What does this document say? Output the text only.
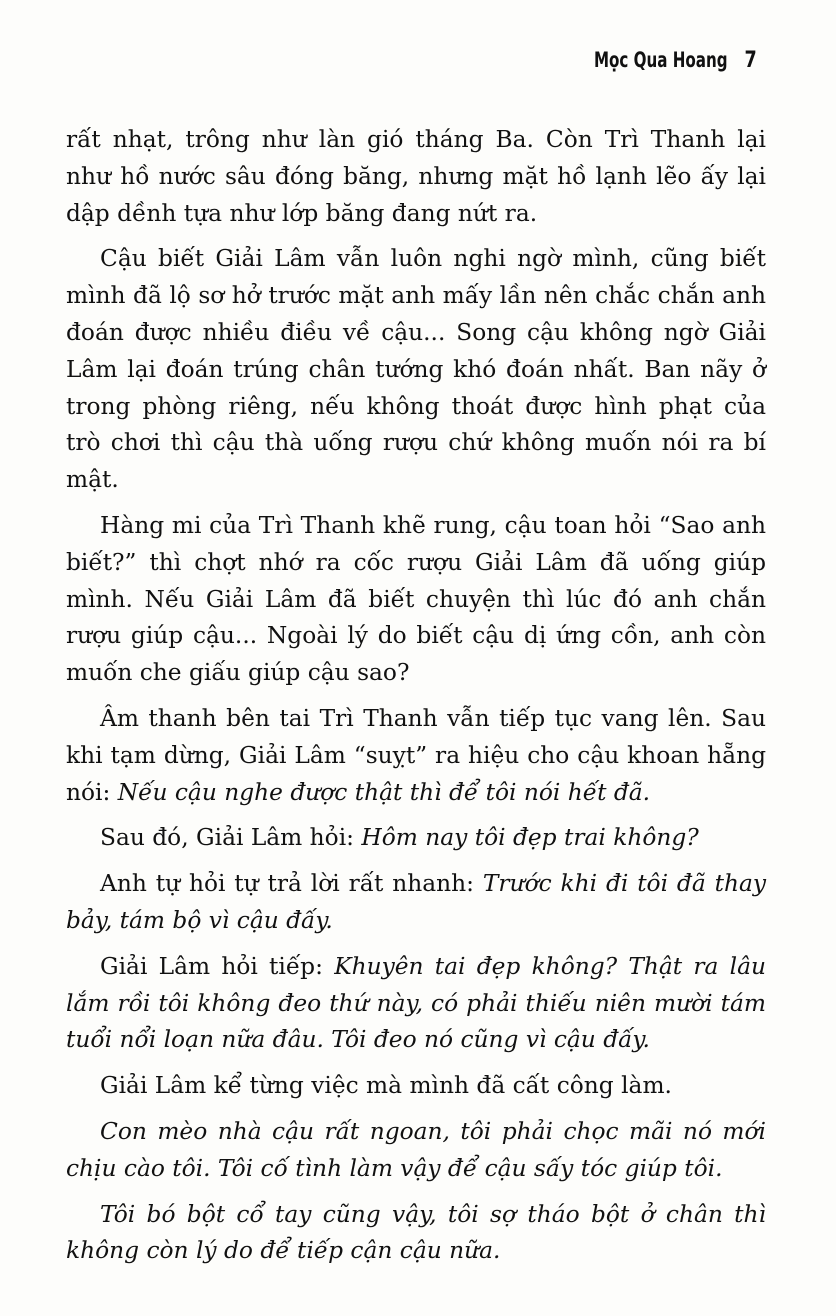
Mọc Qua Hoang 7

rất nhạt, trông như làn gió tháng Ba. Còn Trì Thanh lại như hồ nước sâu đóng băng, nhưng mặt hồ lạnh lẽo ấy lại dập dềnh tựa như lớp băng đang nứt ra.

Cậu biết Giải Lâm vẫn luôn nghi ngờ mình, cũng biết mình đã lộ sơ hở trước mặt anh mấy lần nên chắc chắn anh đoán được nhiều điều về cậu... Song cậu không ngờ Giải Lâm lại đoán trúng chân tướng khó đoán nhất. Ban nãy ở trong phòng riêng, nếu không thoát được hình phạt của trò chơi thì cậu thà uống rượu chứ không muốn nói ra bí mật.

Hàng mi của Trì Thanh khẽ rung, cậu toan hỏi “Sao anh biết?” thì chợt nhớ ra cốc rượu Giải Lâm đã uống giúp mình. Nếu Giải Lâm đã biết chuyện thì lúc đó anh chắn rượu giúp cậu... Ngoài lý do biết cậu dị ứng cồn, anh còn muốn che giấu giúp cậu sao?

Âm thanh bên tai Trì Thanh vẫn tiếp tục vang lên. Sau khi tạm dừng, Giải Lâm “suỵt” ra hiệu cho cậu khoan hẵng nói: Nếu cậu nghe được thật thì để tôi nói hết đã.

Sau đó, Giải Lâm hỏi: Hôm nay tôi đẹp trai không?

Anh tự hỏi tự trả lời rất nhanh: Trước khi đi tôi đã thay bảy, tám bộ vì cậu đấy.

Giải Lâm hỏi tiếp: Khuyên tai đẹp không? Thật ra lâu lắm rồi tôi không đeo thứ này, có phải thiếu niên mười tám tuổi nổi loạn nữa đâu. Tôi đeo nó cũng vì cậu đấy.

Giải Lâm kể từng việc mà mình đã cất công làm.

Con mèo nhà cậu rất ngoan, tôi phải chọc mãi nó mới chịu cào tôi. Tôi cố tình làm vậy để cậu sấy tóc giúp tôi.

Tôi bó bột cổ tay cũng vậy, tôi sợ tháo bột ở chân thì không còn lý do để tiếp cận cậu nữa.
